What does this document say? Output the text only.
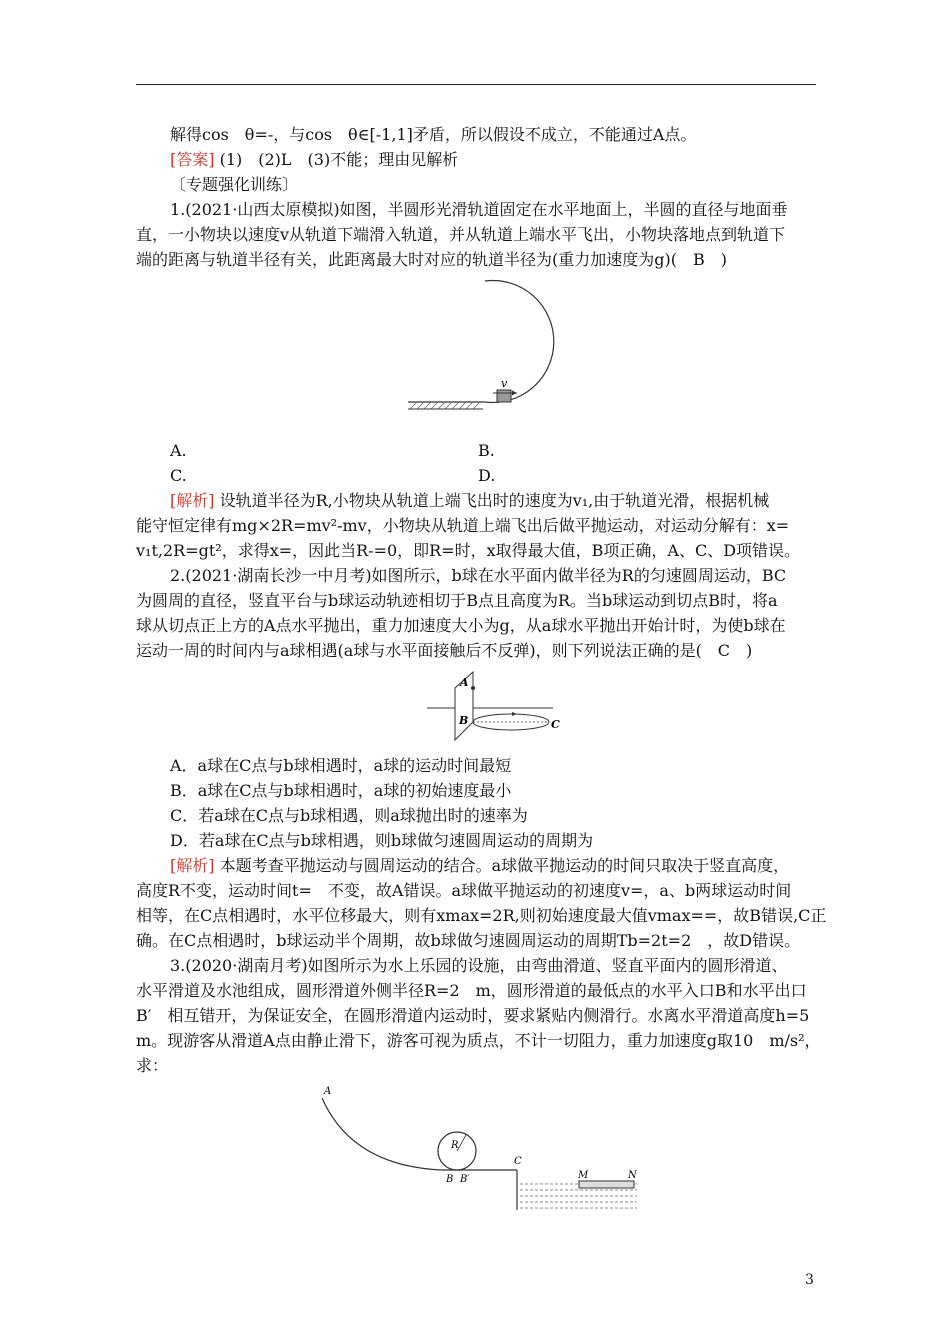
解得cos　θ=-，与cos　θ∈[-1,1]矛盾，所以假设不成立，不能通过A点。
[答案] (1)　(2)L　(3)不能；理由见解析
〔专题强化训练〕
1.(2021·山西太原模拟)如图，半圆形光滑轨道固定在水平地面上，半圆的直径与地面垂
直，一小物块以速度v从轨道下端滑入轨道，并从轨道上端水平飞出，小物块落地点到轨道下
端的距离与轨道半径有关，此距离最大时对应的轨道半径为(重力加速度为g)(　B　)
v
A.	B.
C.	D.
[解析] 设轨道半径为R,小物块从轨道上端飞出时的速度为v₁,由于轨道光滑，根据机械
能守恒定律有mg×2R=mv²-mv，小物块从轨道上端飞出后做平抛运动，对运动分解有：x=
v₁t,2R=gt²，求得x=，因此当R-=0，即R=时，x取得最大值，B项正确，A、C、D项错误。
2.(2021·湖南长沙一中月考)如图所示，b球在水平面内做半径为R的匀速圆周运动，BC
为圆周的直径，竖直平台与b球运动轨迹相切于B点且高度为R。当b球运动到切点B时，将a
球从切点正上方的A点水平抛出，重力加速度大小为g，从a球水平抛出开始计时，为使b球在
运动一周的时间内与a球相遇(a球与水平面接触后不反弹)，则下列说法正确的是(　C　)
A
B	C
A．a球在C点与b球相遇时，a球的运动时间最短
B．a球在C点与b球相遇时，a球的初始速度最小
C．若a球在C点与b球相遇，则a球抛出时的速率为
D．若a球在C点与b球相遇，则b球做匀速圆周运动的周期为
[解析] 本题考查平抛运动与圆周运动的结合。a球做平抛运动的时间只取决于竖直高度，
高度R不变，运动时间t=　不变，故A错误。a球做平抛运动的初速度v=，a、b两球运动时间
相等，在C点相遇时，水平位移最大，则有xmax=2R,则初始速度最大值vmax==，故B错误,C正
确。在C点相遇时，b球运动半个周期，故b球做匀速圆周运动的周期Tb=2t=2　，故D错误。
3.(2020·湖南月考)如图所示为水上乐园的设施，由弯曲滑道、竖直平面内的圆形滑道、
水平滑道及水池组成，圆形滑道外侧半径R=2　m，圆形滑道的最低点的水平入口B和水平出口
B′　相互错开，为保证安全，在圆形滑道内运动时，要求紧贴内侧滑行。水离水平滑道高度h=5
m。现游客从滑道A点由静止滑下，游客可视为质点，不计一切阻力，重力加速度g取10　m/s²，
求：
A
R
B B′
C
M	N
3
